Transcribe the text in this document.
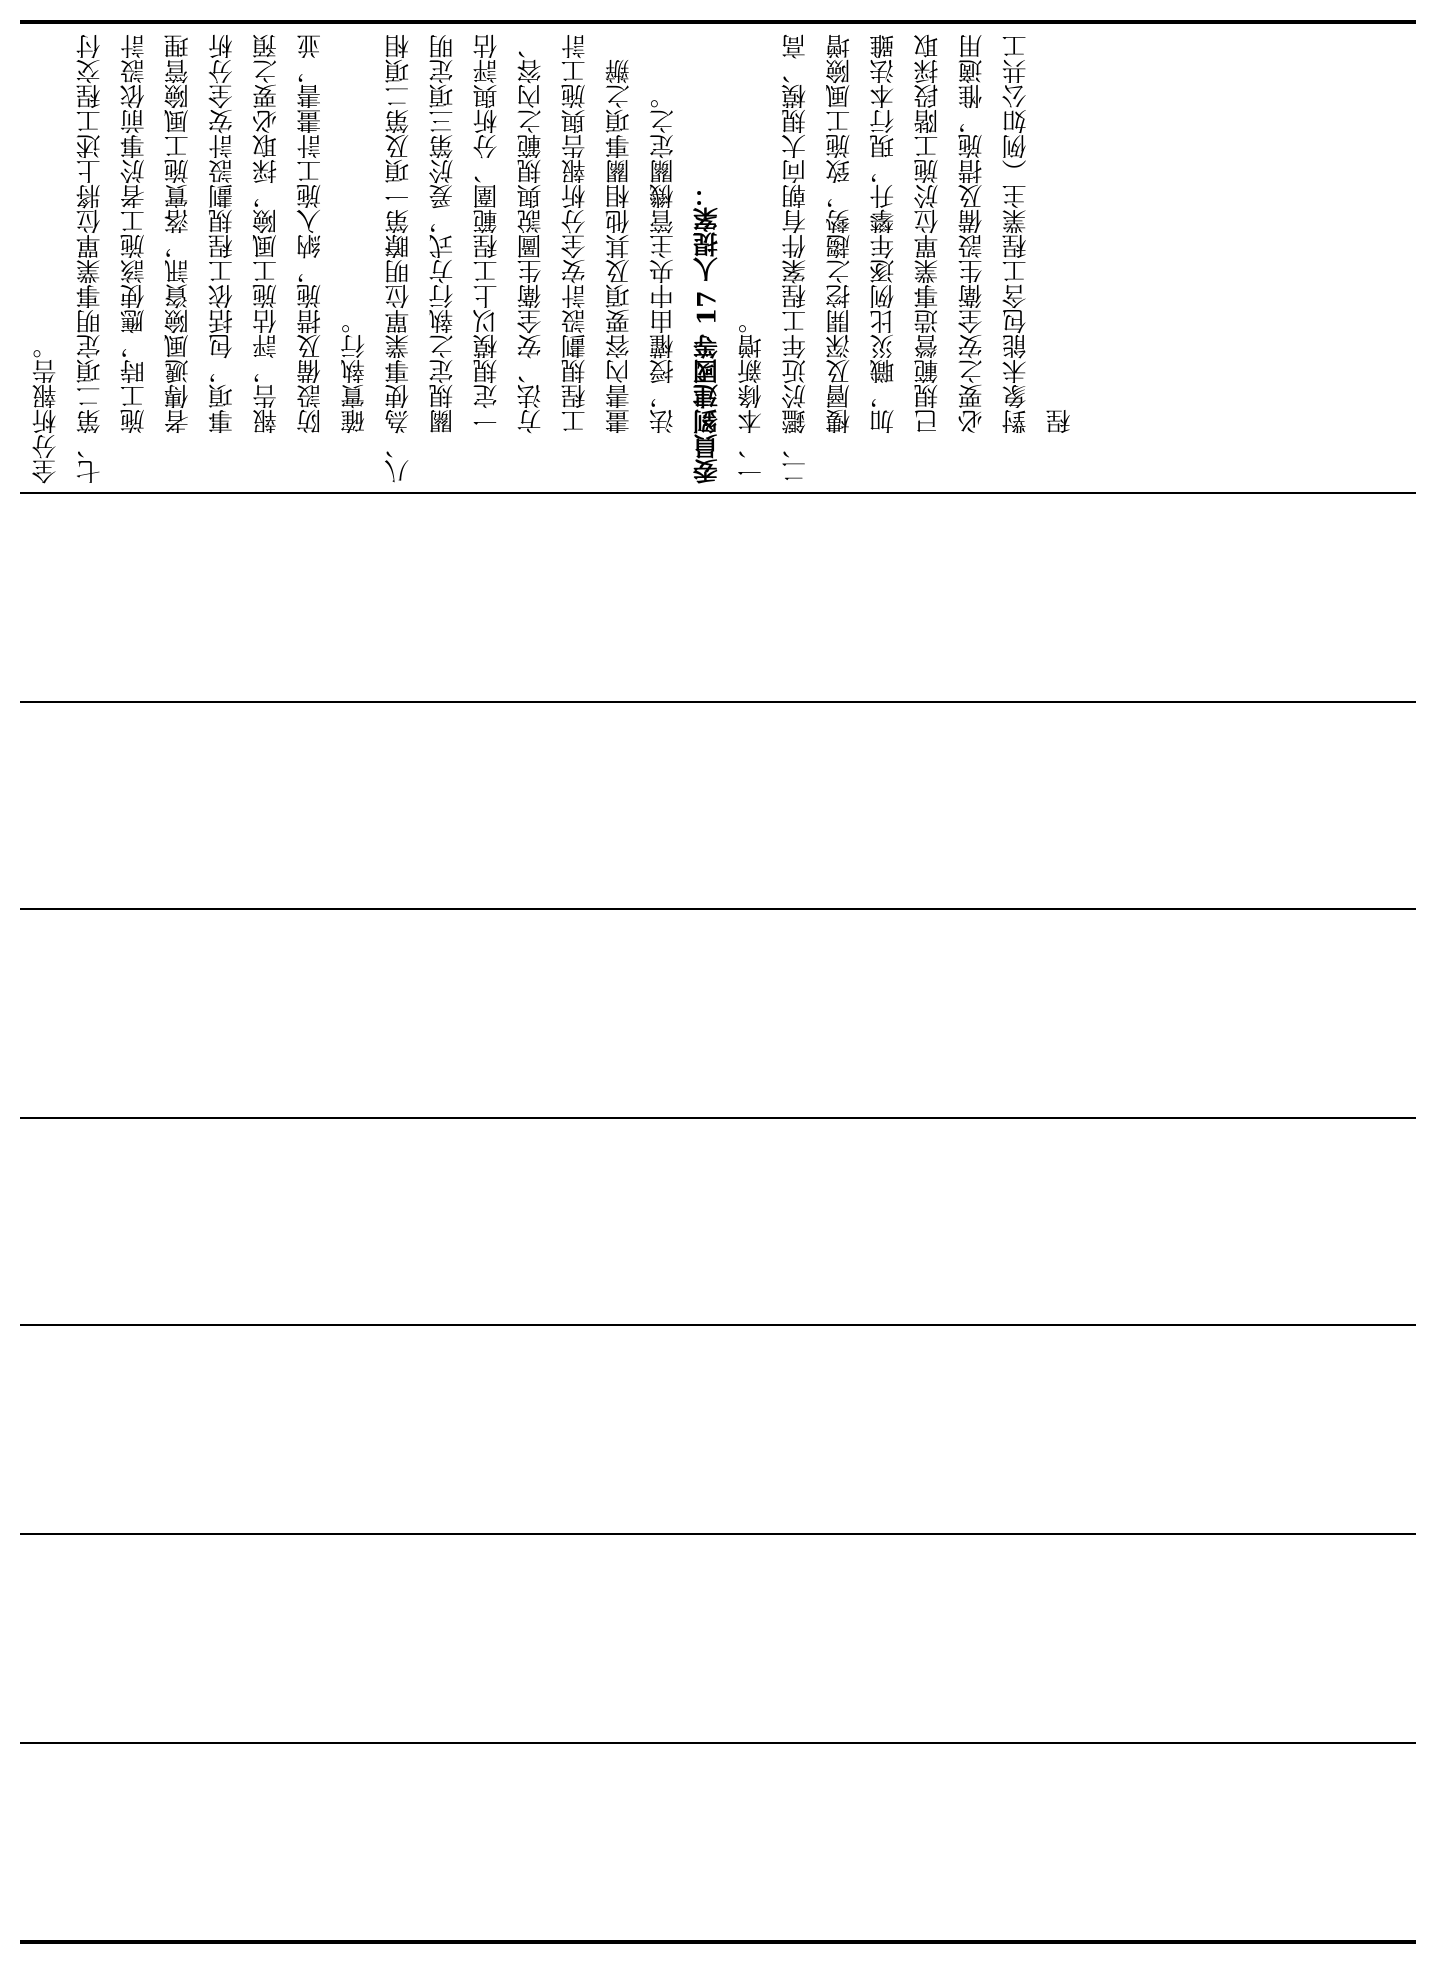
全分析報告。 七、第二項定明事業單位將上述工程交付施工時，應使該施工者於事前依設計者傳遞風險資訊，落實施工風險管理事項，包括依工程規劃設計安全分析報告，評估施工風險，採取必要之預防設備及措施，納入施工計畫書，並確實執行。 八、為使事業單位明瞭第一項及第二項相關規定之執行方式，爰於第三項定明一定規模以上工程範圍、分析與評估方法、安全衛生圖說與規範之內容、工程規劃設計安全分析報告與施工計畫書內容要項及其他相關事項之辦法，授權由中央主管機關定之。 委員劉建國等 17 人提案： 一、本條新增。 二、鑑於近年工程案件有朝向大規模、高樓層及深開挖之趨勢，致施工風險增加，職災比例逐年攀升，現行本法雖已規範營造事業單位於施工階段採取必要之安全衛生設備及措施，惟適用對象未能包含工程業主（例如公共工程
